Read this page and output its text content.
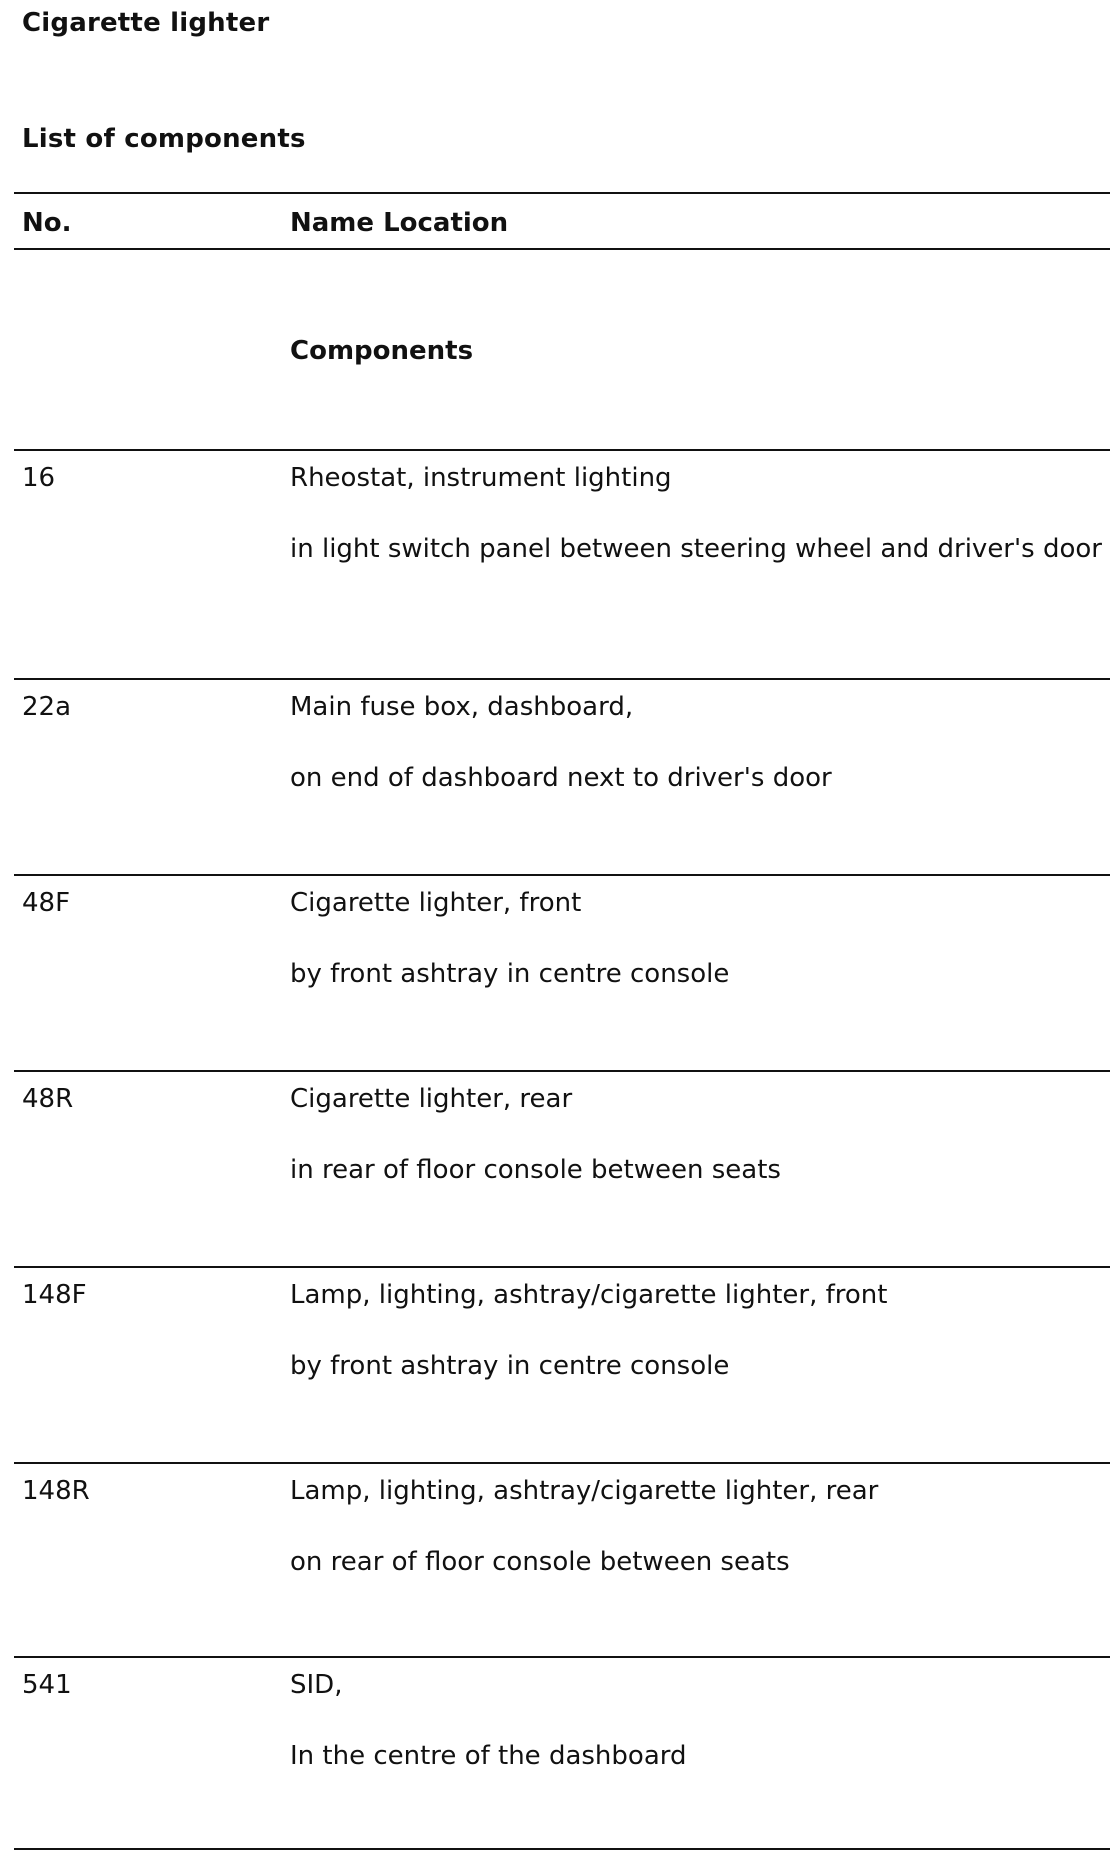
Cigarette lighter
List of components
No.	Name Location
Components
16	Rheostat, instrument lighting
in light switch panel between steering wheel and driver's door
22a	Main fuse box, dashboard,
on end of dashboard next to driver's door
48F	Cigarette lighter, front
by front ashtray in centre console
48R	Cigarette lighter, rear
in rear of floor console between seats
148F	Lamp, lighting, ashtray/cigarette lighter, front
by front ashtray in centre console
148R	Lamp, lighting, ashtray/cigarette lighter, rear
on rear of floor console between seats
541	SID,
In the centre of the dashboard
